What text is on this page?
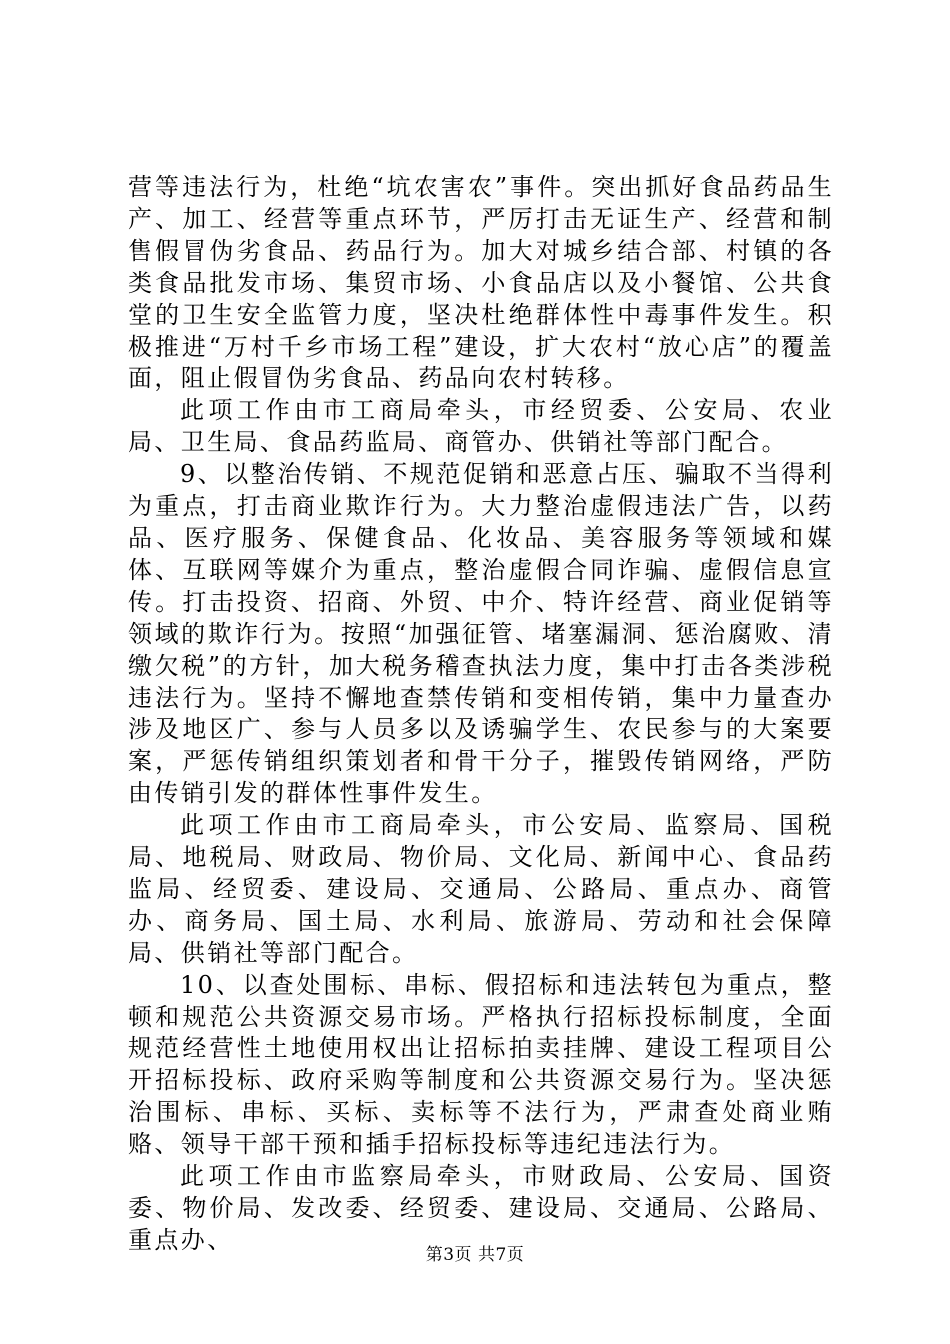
营等违法行为，杜绝“坑农害农”事件。突出抓好食品药品生产、加工、经营等重点环节，严厉打击无证生产、经营和制售假冒伪劣食品、药品行为。加大对城乡结合部、村镇的各类食品批发市场、集贸市场、小食品店以及小餐馆、公共食堂的卫生安全监管力度，坚决杜绝群体性中毒事件发生。积极推进“万村千乡市场工程”建设，扩大农村“放心店”的覆盖面，阻止假冒伪劣食品、药品向农村转移。

此项工作由市工商局牵头，市经贸委、公安局、农业局、卫生局、食品药监局、商管办、供销社等部门配合。

9、以整治传销、不规范促销和恶意占压、骗取不当得利为重点，打击商业欺诈行为。大力整治虚假违法广告，以药品、医疗服务、保健食品、化妆品、美容服务等领域和媒体、互联网等媒介为重点，整治虚假合同诈骗、虚假信息宣传。打击投资、招商、外贸、中介、特许经营、商业促销等领域的欺诈行为。按照“加强征管、堵塞漏洞、惩治腐败、清缴欠税”的方针，加大税务稽查执法力度，集中打击各类涉税违法行为。坚持不懈地查禁传销和变相传销，集中力量查办涉及地区广、参与人员多以及诱骗学生、农民参与的大案要案，严惩传销组织策划者和骨干分子，摧毁传销网络，严防由传销引发的群体性事件发生。

此项工作由市工商局牵头，市公安局、监察局、国税局、地税局、财政局、物价局、文化局、新闻中心、食品药监局、经贸委、建设局、交通局、公路局、重点办、商管办、商务局、国土局、水利局、旅游局、劳动和社会保障局、供销社等部门配合。

10、以查处围标、串标、假招标和违法转包为重点，整顿和规范公共资源交易市场。严格执行招标投标制度，全面规范经营性土地使用权出让招标拍卖挂牌、建设工程项目公开招标投标、政府采购等制度和公共资源交易行为。坚决惩治围标、串标、买标、卖标等不法行为，严肃查处商业贿赂、领导干部干预和插手招标投标等违纪违法行为。

此项工作由市监察局牵头，市财政局、公安局、国资委、物价局、发改委、经贸委、建设局、交通局、公路局、重点办、

第3页 共7页
